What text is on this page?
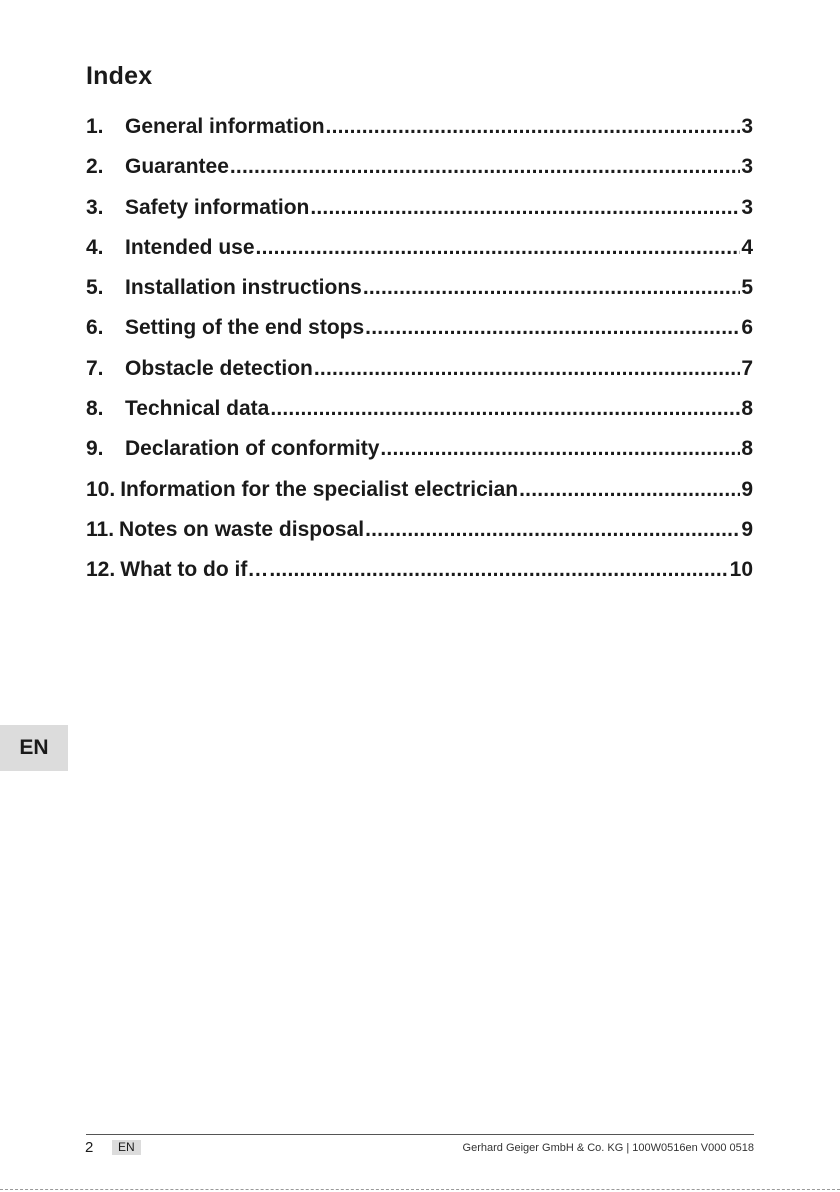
Index
1.	General information .....	3
2.	Guarantee .....	3
3.	Safety information .....	3
4.	Intended use .....	4
5.	Installation instructions .....	5
6.	Setting of the end stops .....	6
7.	Obstacle detection .....	7
8.	Technical data .....	8
9.	Declaration of conformity .....	8
10. Information for the specialist electrician .....	9
11. Notes on waste disposal .....	9
12. What to do if… .....	10
EN
2	EN	Gerhard Geiger GmbH & Co. KG | 100W0516en V000 0518
